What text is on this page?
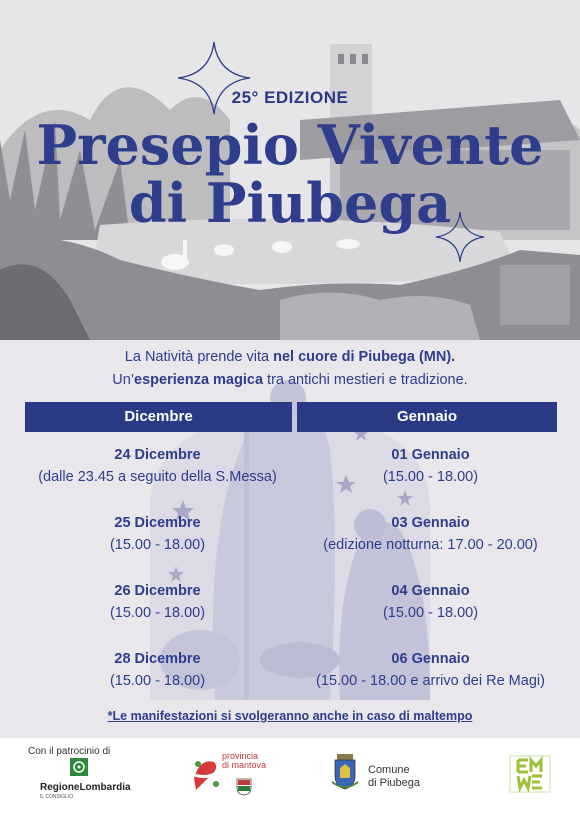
25° EDIZIONE
Presepio Vivente
di Piubega
La Natività prende vita nel cuore di Piubega (MN).
Un’esperienza magica tra antichi mestieri e tradizione.
Dicembre	Gennaio
24 Dicembre
(dalle 23.45 a seguito della S.Messa)
25 Dicembre
(15.00 - 18.00)
26 Dicembre
(15.00 - 18.00)
28 Dicembre
(15.00 - 18.00)
01 Gennaio
(15.00 - 18.00)
03 Gennaio
(edizione notturna: 17.00 - 20.00)
04 Gennaio
(15.00 - 18.00)
06 Gennaio
(15.00 - 18.00 e arrivo dei Re Magi)
*Le manifestazioni si svolgeranno anche in caso di maltempo
Con il patrocinio di
RegioneLombardia
IL CONSIGLIO
provincia
di mantova	Comune
di Piubega
